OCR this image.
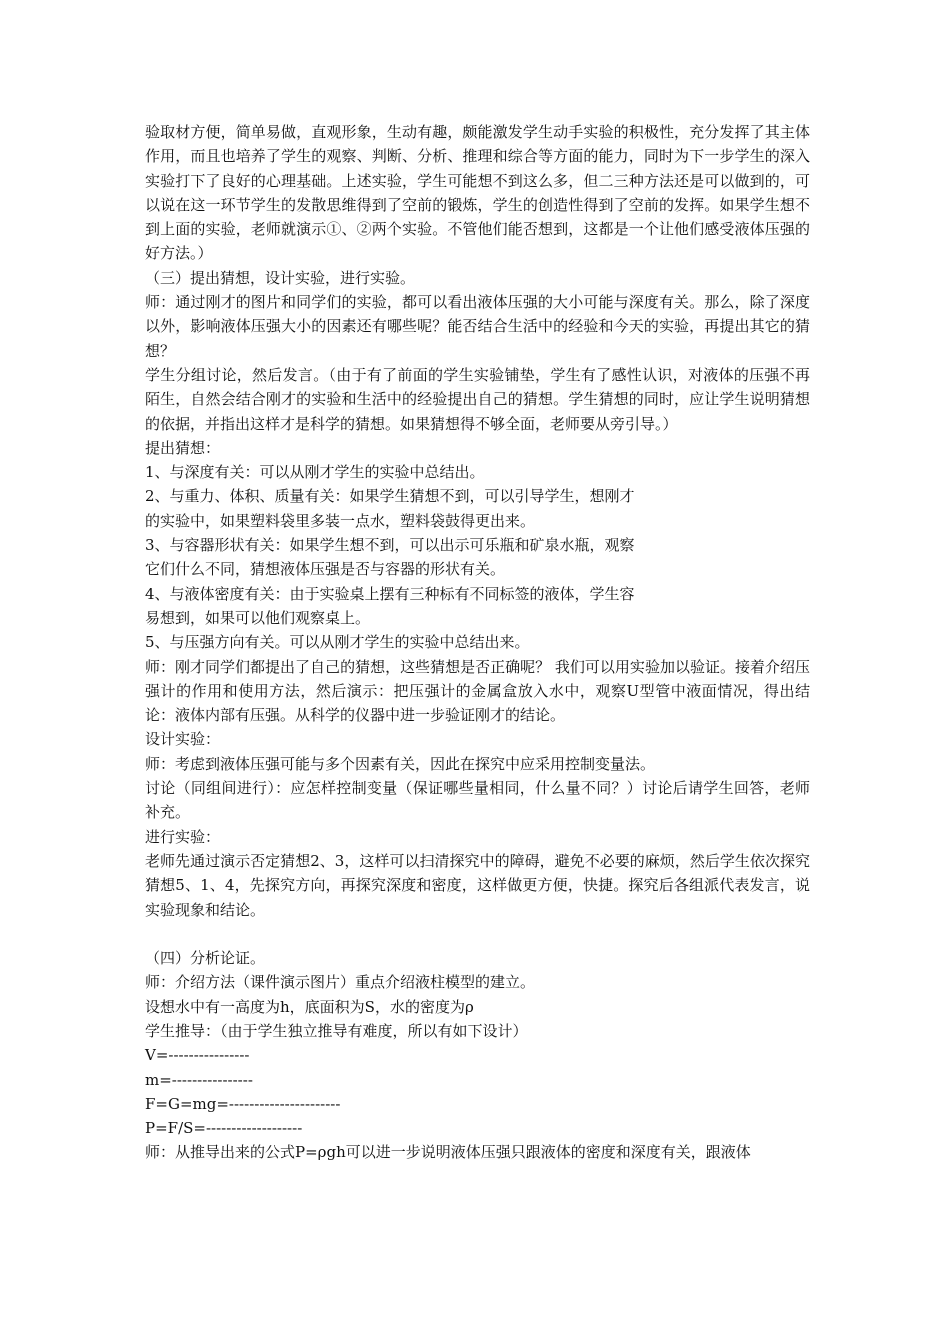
验取材方便，简单易做，直观形象，生动有趣，颇能激发学生动手实验的积极性，充分发挥了其主体作用，而且也培养了学生的观察、判断、分析、推理和综合等方面的能力，同时为下一步学生的深入实验打下了良好的心理基础。上述实验，学生可能想不到这么多，但二三种方法还是可以做到的，可以说在这一环节学生的发散思维得到了空前的锻炼，学生的创造性得到了空前的发挥。如果学生想不到上面的实验，老师就演示①、②两个实验。不管他们能否想到，这都是一个让他们感受液体压强的好方法。）

（三）提出猜想，设计实验，进行实验。

师：通过刚才的图片和同学们的实验，都可以看出液体压强的大小可能与深度有关。那么，除了深度以外，影响液体压强大小的因素还有哪些呢？能否结合生活中的经验和今天的实验，再提出其它的猜想？

学生分组讨论，然后发言。（由于有了前面的学生实验铺垫，学生有了感性认识，对液体的压强不再陌生，自然会结合刚才的实验和生活中的经验提出自己的猜想。学生猜想的同时，应让学生说明猜想的依据，并指出这样才是科学的猜想。如果猜想得不够全面，老师要从旁引导。）

提出猜想：

1、与深度有关：可以从刚才学生的实验中总结出。

2、与重力、体积、质量有关：如果学生猜想不到，可以引导学生，想刚才

的实验中，如果塑料袋里多装一点水，塑料袋鼓得更出来。

3、与容器形状有关：如果学生想不到，可以出示可乐瓶和矿泉水瓶，观察

它们什么不同，猜想液体压强是否与容器的形状有关。

4、与液体密度有关：由于实验桌上摆有三种标有不同标签的液体，学生容

易想到，如果可以他们观察桌上。

5、与压强方向有关。可以从刚才学生的实验中总结出来。

师：刚才同学们都提出了自己的猜想，这些猜想是否正确呢？ 我们可以用实验加以验证。接着介绍压强计的作用和使用方法，然后演示：把压强计的金属盒放入水中，观察U型管中液面情况，得出结论：液体内部有压强。从科学的仪器中进一步验证刚才的结论。

设计实验：

师：考虑到液体压强可能与多个因素有关，因此在探究中应采用控制变量法。

讨论（同组间进行）：应怎样控制变量（保证哪些量相同，什么量不同？）讨论后请学生回答，老师补充。

进行实验：

老师先通过演示否定猜想2、3，这样可以扫清探究中的障碍，避免不必要的麻烦，然后学生依次探究猜想5、1、4，先探究方向，再探究深度和密度，这样做更方便，快捷。探究后各组派代表发言，说实验现象和结论。

（四）分析论证。

师：介绍方法（课件演示图片）重点介绍液柱模型的建立。

设想水中有一高度为h，底面积为S，水的密度为ρ

学生推导：（由于学生独立推导有难度，所以有如下设计）

V=----------------

m=----------------

F=G=mg=----------------------

P=F/S=-------------------

师：从推导出来的公式P=ρgh可以进一步说明液体压强只跟液体的密度和深度有关，跟液体
